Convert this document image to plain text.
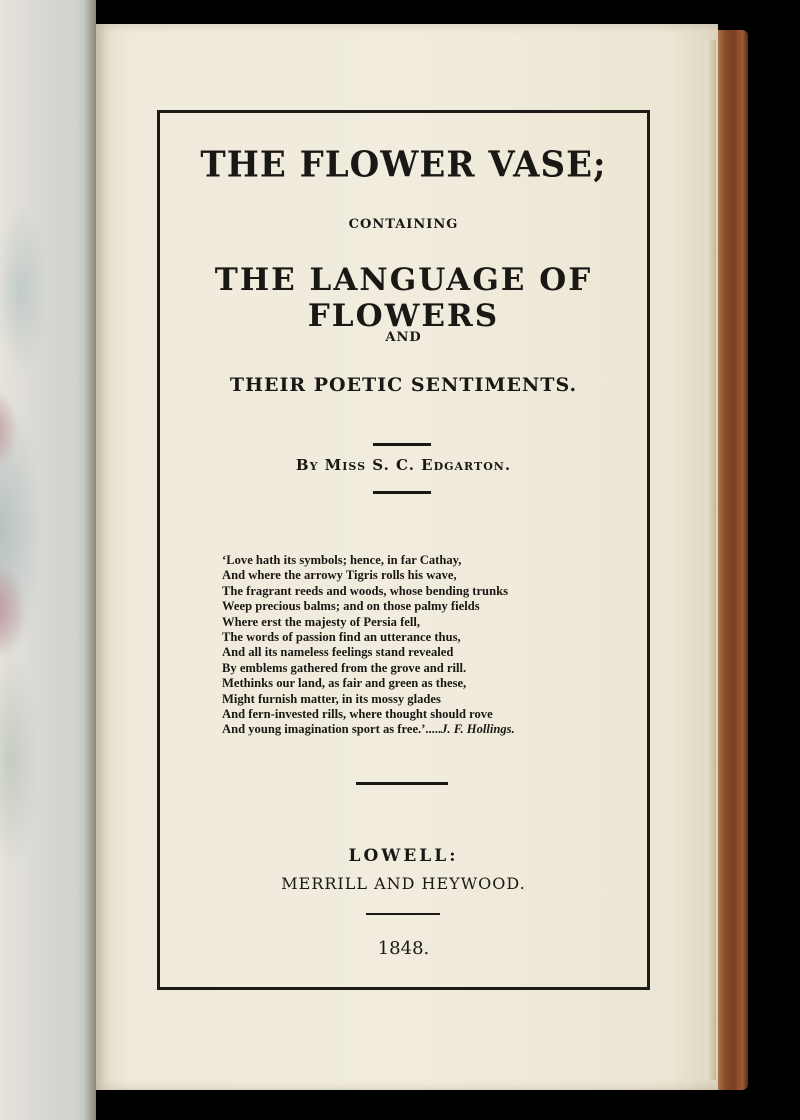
THE FLOWER VASE;

CONTAINING

THE LANGUAGE OF FLOWERS

AND

THEIR POETIC SENTIMENTS.

By Miss S. C. Edgarton.

‘Love hath its symbols; hence, in far Cathay,
And where the arrowy Tigris rolls his wave,
The fragrant reeds and woods, whose bending trunks
Weep precious balms; and on those palmy fields
Where erst the majesty of Persia fell,
The words of passion find an utterance thus,
And all its nameless feelings stand revealed
By emblems gathered from the grove and rill.
Methinks our land, as fair and green as these,
Might furnish matter, in its mossy glades
And fern-invested rills, where thought should rove
And young imagination sport as free.’.....J. F. Hollings.

LOWELL:

MERRILL AND HEYWOOD.

1848.
